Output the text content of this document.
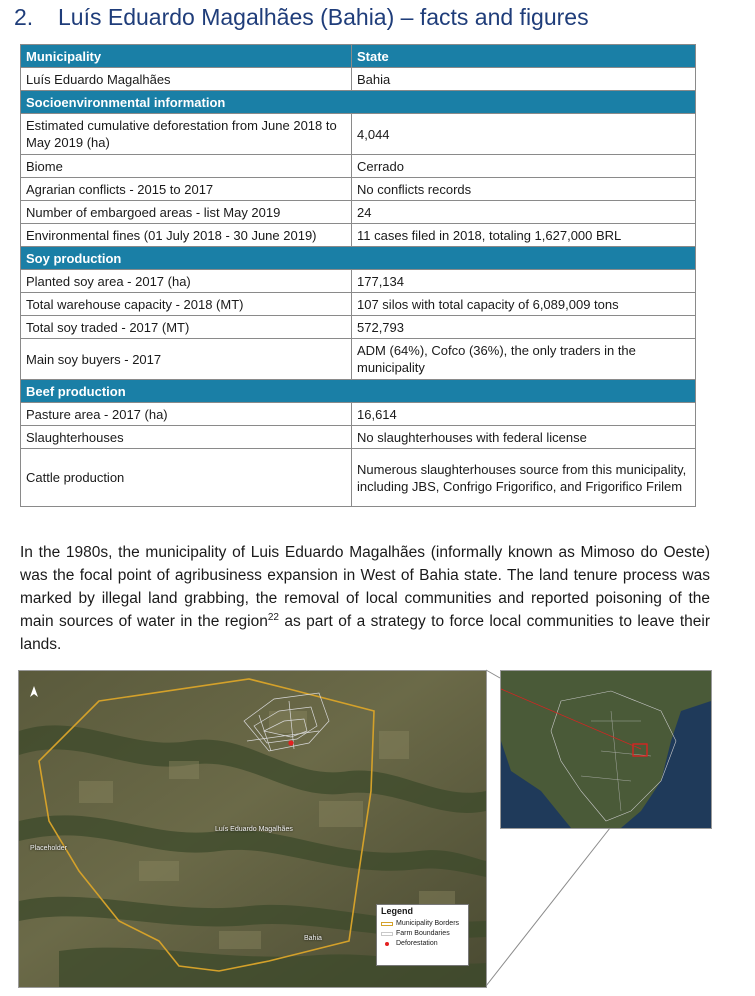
2. Luís Eduardo Magalhães (Bahia) – facts and figures
Municipality	State
Luís Eduardo Magalhães	Bahia
Socioenvironmental information	
Estimated cumulative deforestation from June 2018 to May 2019 (ha)	4,044
Biome	Cerrado
Agrarian conflicts - 2015 to 2017	No conflicts records
Number of embargoed areas - list May 2019	24
Environmental fines (01 July 2018 - 30 June 2019)	11 cases filed in 2018, totaling 1,627,000 BRL
Soy production	
Planted soy area - 2017 (ha)	177,134
Total warehouse capacity - 2018 (MT)	107 silos with total capacity of 6,089,009 tons
Total soy traded - 2017 (MT)	572,793
Main soy buyers - 2017	ADM (64%), Cofco (36%), the only traders in the municipality
Beef production	
Pasture area - 2017 (ha)	16,614
Slaughterhouses	No slaughterhouses with federal license
Cattle production	Numerous slaughterhouses source from this municipality, including JBS, Confrigo Frigorifico, and Frigorifico Frilem

In the 1980s, the municipality of Luis Eduardo Magalhães (informally known as Mimoso do Oeste) was the focal point of agribusiness expansion in West of Bahia state. The land tenure process was marked by illegal land grabbing, the removal of local communities and reported poisoning of the main sources of water in the region$^{22}$ as part of a strategy to force local communities to leave their lands.

Luís Eduardo Magalhães
Placeholder
Bahia
Legend
Municipality Borders
Farm Boundaries
Deforestation
